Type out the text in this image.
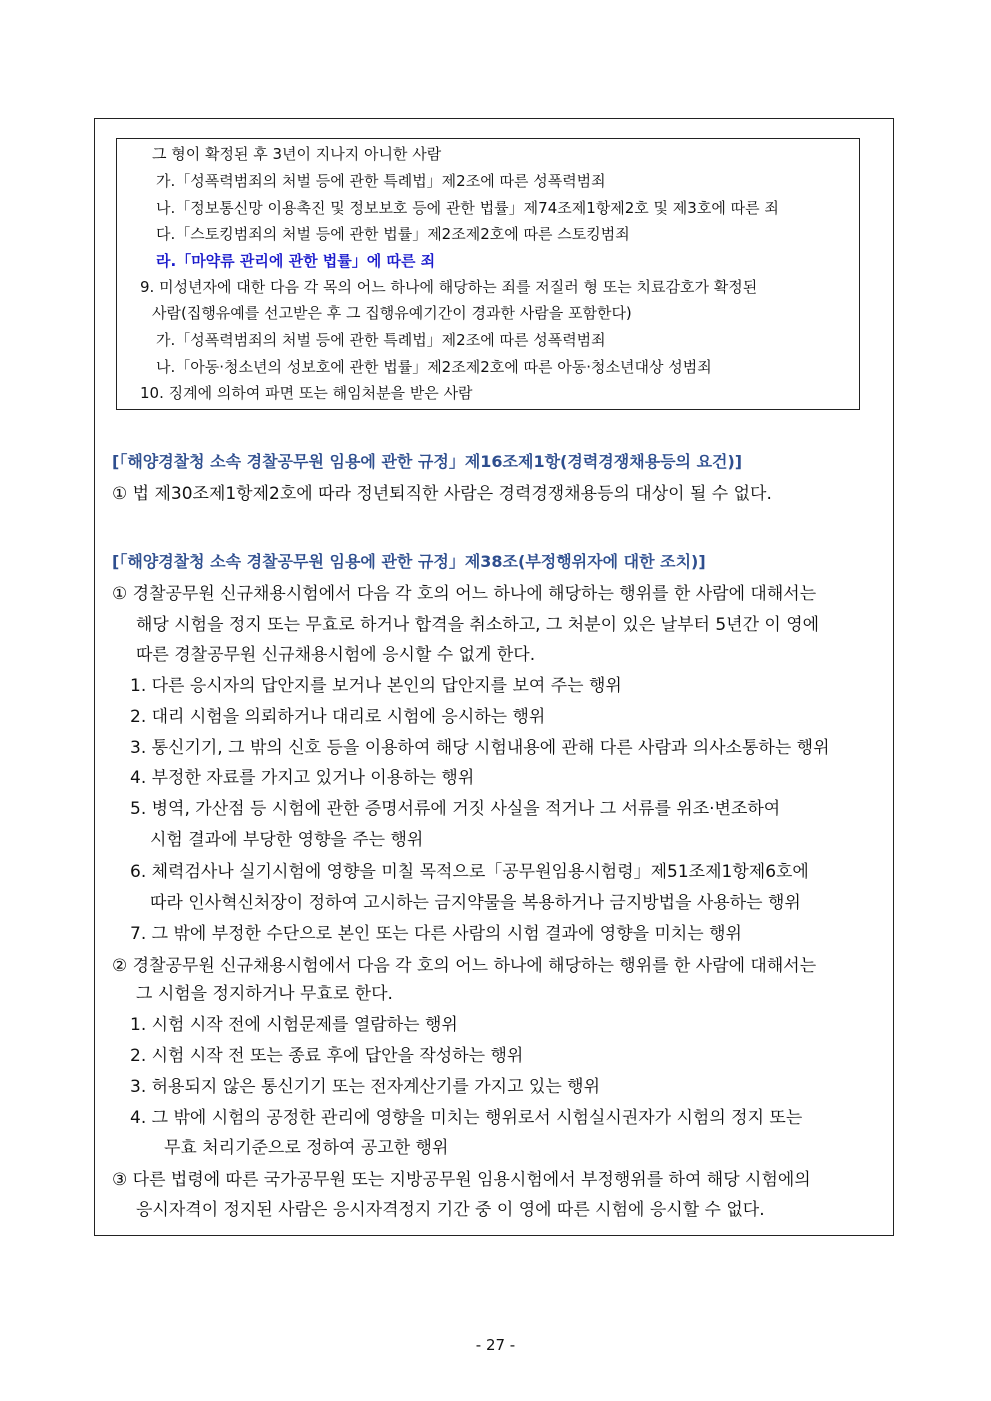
그 형이 확정된 후 3년이 지나지 아니한 사람
가.「성폭력범죄의 처벌 등에 관한 특례법」제2조에 따른 성폭력범죄
나.「정보통신망 이용촉진 및 정보보호 등에 관한 법률」제74조제1항제2호 및 제3호에 따른 죄
다.「스토킹범죄의 처벌 등에 관한 법률」제2조제2호에 따른 스토킹범죄
라.「마약류 관리에 관한 법률」에 따른 죄
9. 미성년자에 대한 다음 각 목의 어느 하나에 해당하는 죄를 저질러 형 또는 치료감호가 확정된
사람(집행유예를 선고받은 후 그 집행유예기간이 경과한 사람을 포함한다)
가.「성폭력범죄의 처벌 등에 관한 특례법」제2조에 따른 성폭력범죄
나.「아동·청소년의 성보호에 관한 법률」제2조제2호에 따른 아동·청소년대상 성범죄
10. 징계에 의하여 파면 또는 해임처분을 받은 사람
[「해양경찰청 소속 경찰공무원 임용에 관한 규정」제16조제1항(경력경쟁채용등의 요건)]
① 법 제30조제1항제2호에 따라 정년퇴직한 사람은 경력경쟁채용등의 대상이 될 수 없다.
[「해양경찰청 소속 경찰공무원 임용에 관한 규정」제38조(부정행위자에 대한 조치)]
① 경찰공무원 신규채용시험에서 다음 각 호의 어느 하나에 해당하는 행위를 한 사람에 대해서는
해당 시험을 정지 또는 무효로 하거나 합격을 취소하고, 그 처분이 있은 날부터 5년간 이 영에
따른 경찰공무원 신규채용시험에 응시할 수 없게 한다.
1. 다른 응시자의 답안지를 보거나 본인의 답안지를 보여 주는 행위
2. 대리 시험을 의뢰하거나 대리로 시험에 응시하는 행위
3. 통신기기, 그 밖의 신호 등을 이용하여 해당 시험내용에 관해 다른 사람과 의사소통하는 행위
4. 부정한 자료를 가지고 있거나 이용하는 행위
5. 병역, 가산점 등 시험에 관한 증명서류에 거짓 사실을 적거나 그 서류를 위조·변조하여
시험 결과에 부당한 영향을 주는 행위
6. 체력검사나 실기시험에 영향을 미칠 목적으로「공무원임용시험령」제51조제1항제6호에
따라 인사혁신처장이 정하여 고시하는 금지약물을 복용하거나 금지방법을 사용하는 행위
7. 그 밖에 부정한 수단으로 본인 또는 다른 사람의 시험 결과에 영향을 미치는 행위
② 경찰공무원 신규채용시험에서 다음 각 호의 어느 하나에 해당하는 행위를 한 사람에 대해서는
그 시험을 정지하거나 무효로 한다.
1. 시험 시작 전에 시험문제를 열람하는 행위
2. 시험 시작 전 또는 종료 후에 답안을 작성하는 행위
3. 허용되지 않은 통신기기 또는 전자계산기를 가지고 있는 행위
4. 그 밖에 시험의 공정한 관리에 영향을 미치는 행위로서 시험실시권자가 시험의 정지 또는
무효 처리기준으로 정하여 공고한 행위
③ 다른 법령에 따른 국가공무원 또는 지방공무원 임용시험에서 부정행위를 하여 해당 시험에의
응시자격이 정지된 사람은 응시자격정지 기간 중 이 영에 따른 시험에 응시할 수 없다.
- 27 -
